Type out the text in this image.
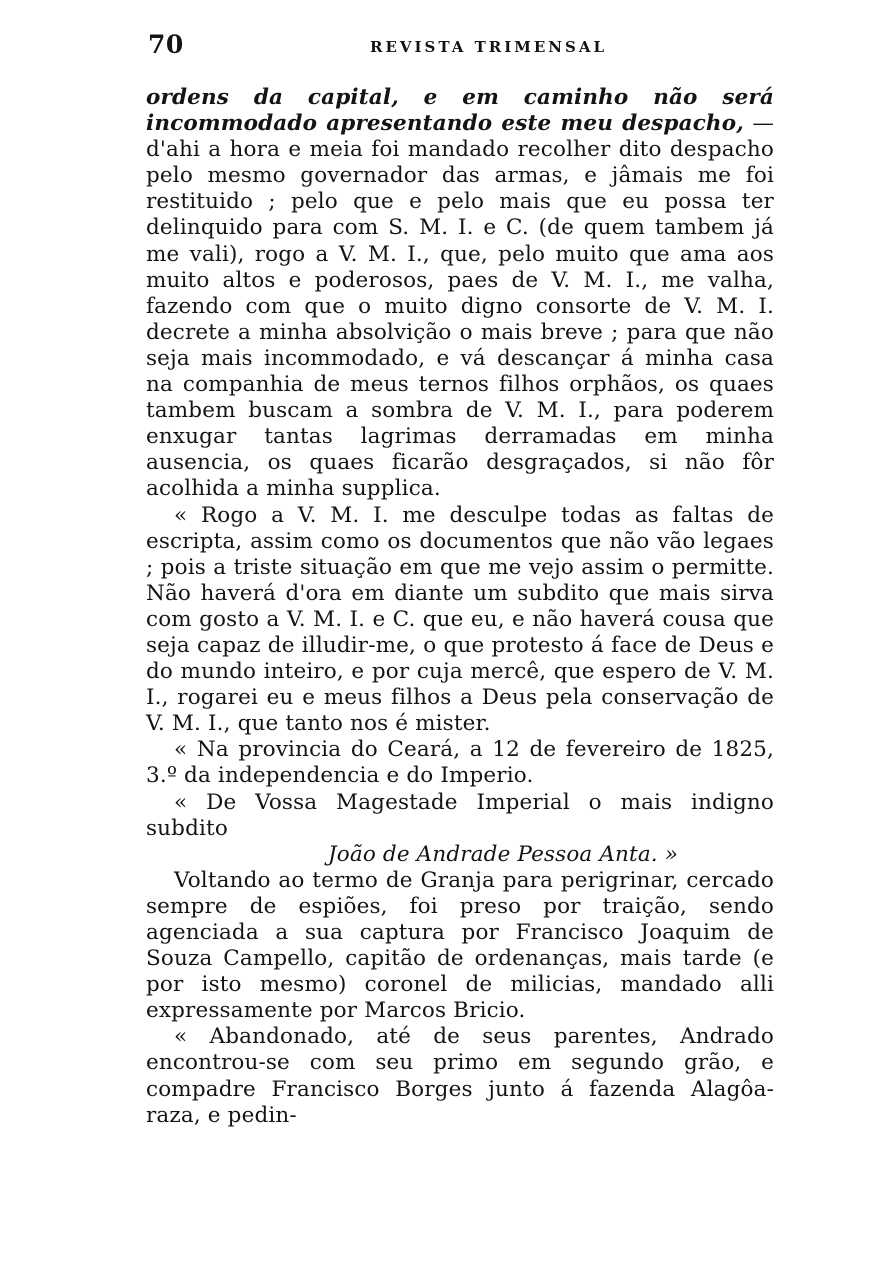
70	REVISTA TRIMENSAL

ordens da capital, e em caminho não será incommodado apresentando este meu despacho, — d'ahi a hora e meia foi mandado recolher dito despacho pelo mesmo governador das armas, e jâmais me foi restituido ; pelo que e pelo mais que eu possa ter delinquido para com S. M. I. e C. (de quem tambem já me vali), rogo a V. M. I., que, pelo muito que ama aos muito altos e poderosos, paes de V. M. I., me valha, fazendo com que o muito digno consorte de V. M. I. decrete a minha absolvição o mais breve ; para que não seja mais incommodado, e vá descançar á minha casa na companhia de meus ternos filhos orphãos, os quaes tambem buscam a sombra de V. M. I., para poderem enxugar tantas lagrimas derramadas em minha ausencia, os quaes ficarão desgraçados, si não fôr acolhida a minha supplica.

« Rogo a V. M. I. me desculpe todas as faltas de escripta, assim como os documentos que não vão legaes ; pois a triste situação em que me vejo assim o permitte. Não haverá d'ora em diante um subdito que mais sirva com gosto a V. M. I. e C. que eu, e não haverá cousa que seja capaz de illudir-me, o que protesto á face de Deus e do mundo inteiro, e por cuja mercê, que espero de V. M. I., rogarei eu e meus filhos a Deus pela conservação de V. M. I., que tanto nos é mister.

« Na provincia do Ceará, a 12 de fevereiro de 1825, 3.º da independencia e do Imperio.

« De Vossa Magestade Imperial o mais indigno subdito

João de Andrade Pessoa Anta. »

Voltando ao termo de Granja para perigrinar, cercado sempre de espiões, foi preso por traição, sendo agenciada a sua captura por Francisco Joaquim de Souza Campello, capitão de ordenanças, mais tarde (e por isto mesmo) coronel de milicias, mandado alli expressamente por Marcos Bricio.

« Abandonado, até de seus parentes, Andrado encontrou-se com seu primo em segundo grão, e compadre Francisco Borges junto á fazenda Alagôa-raza, e pedin-
